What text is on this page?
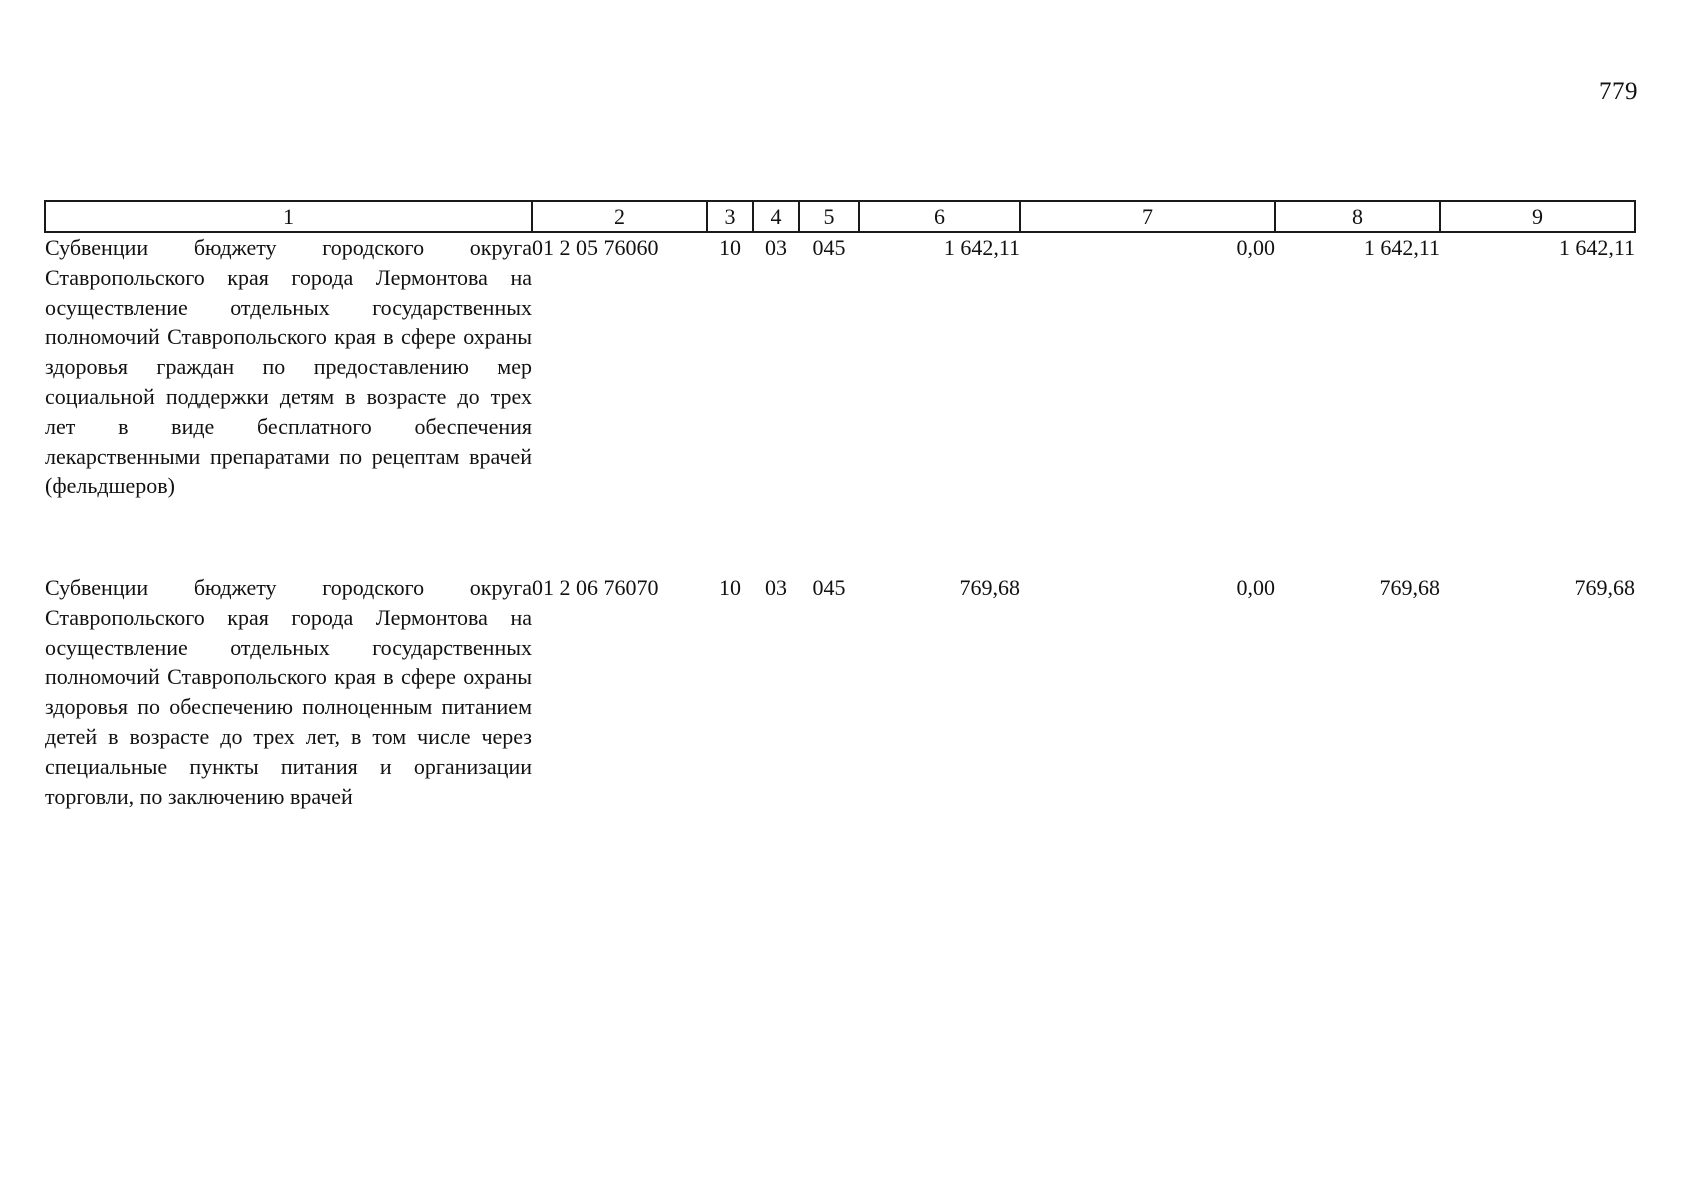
779
1	2	3	4	5	6	7	8	9
Субвенции бюджету городского округа Ставропольского края города Лермонтова на осуществление отдельных государственных полномочий Ставропольского края в сфере охраны здоровья граждан по предоставлению мер социальной поддержки детям в возрасте до трех лет в виде бесплатного обеспечения лекарственными препаратами по рецептам врачей (фельдшеров)	01 2 05 76060	10	03	045	1 642,11	0,00	1 642,11	1 642,11
Субвенции бюджету городского округа Ставропольского края города Лермонтова на осуществление отдельных государственных полномочий Ставропольского края в сфере охраны здоровья по обеспечению полноценным питанием детей в возрасте до трех лет, в том числе через специальные пункты питания и организации торговли, по заключению врачей	01 2 06 76070	10	03	045	769,68	0,00	769,68	769,68
